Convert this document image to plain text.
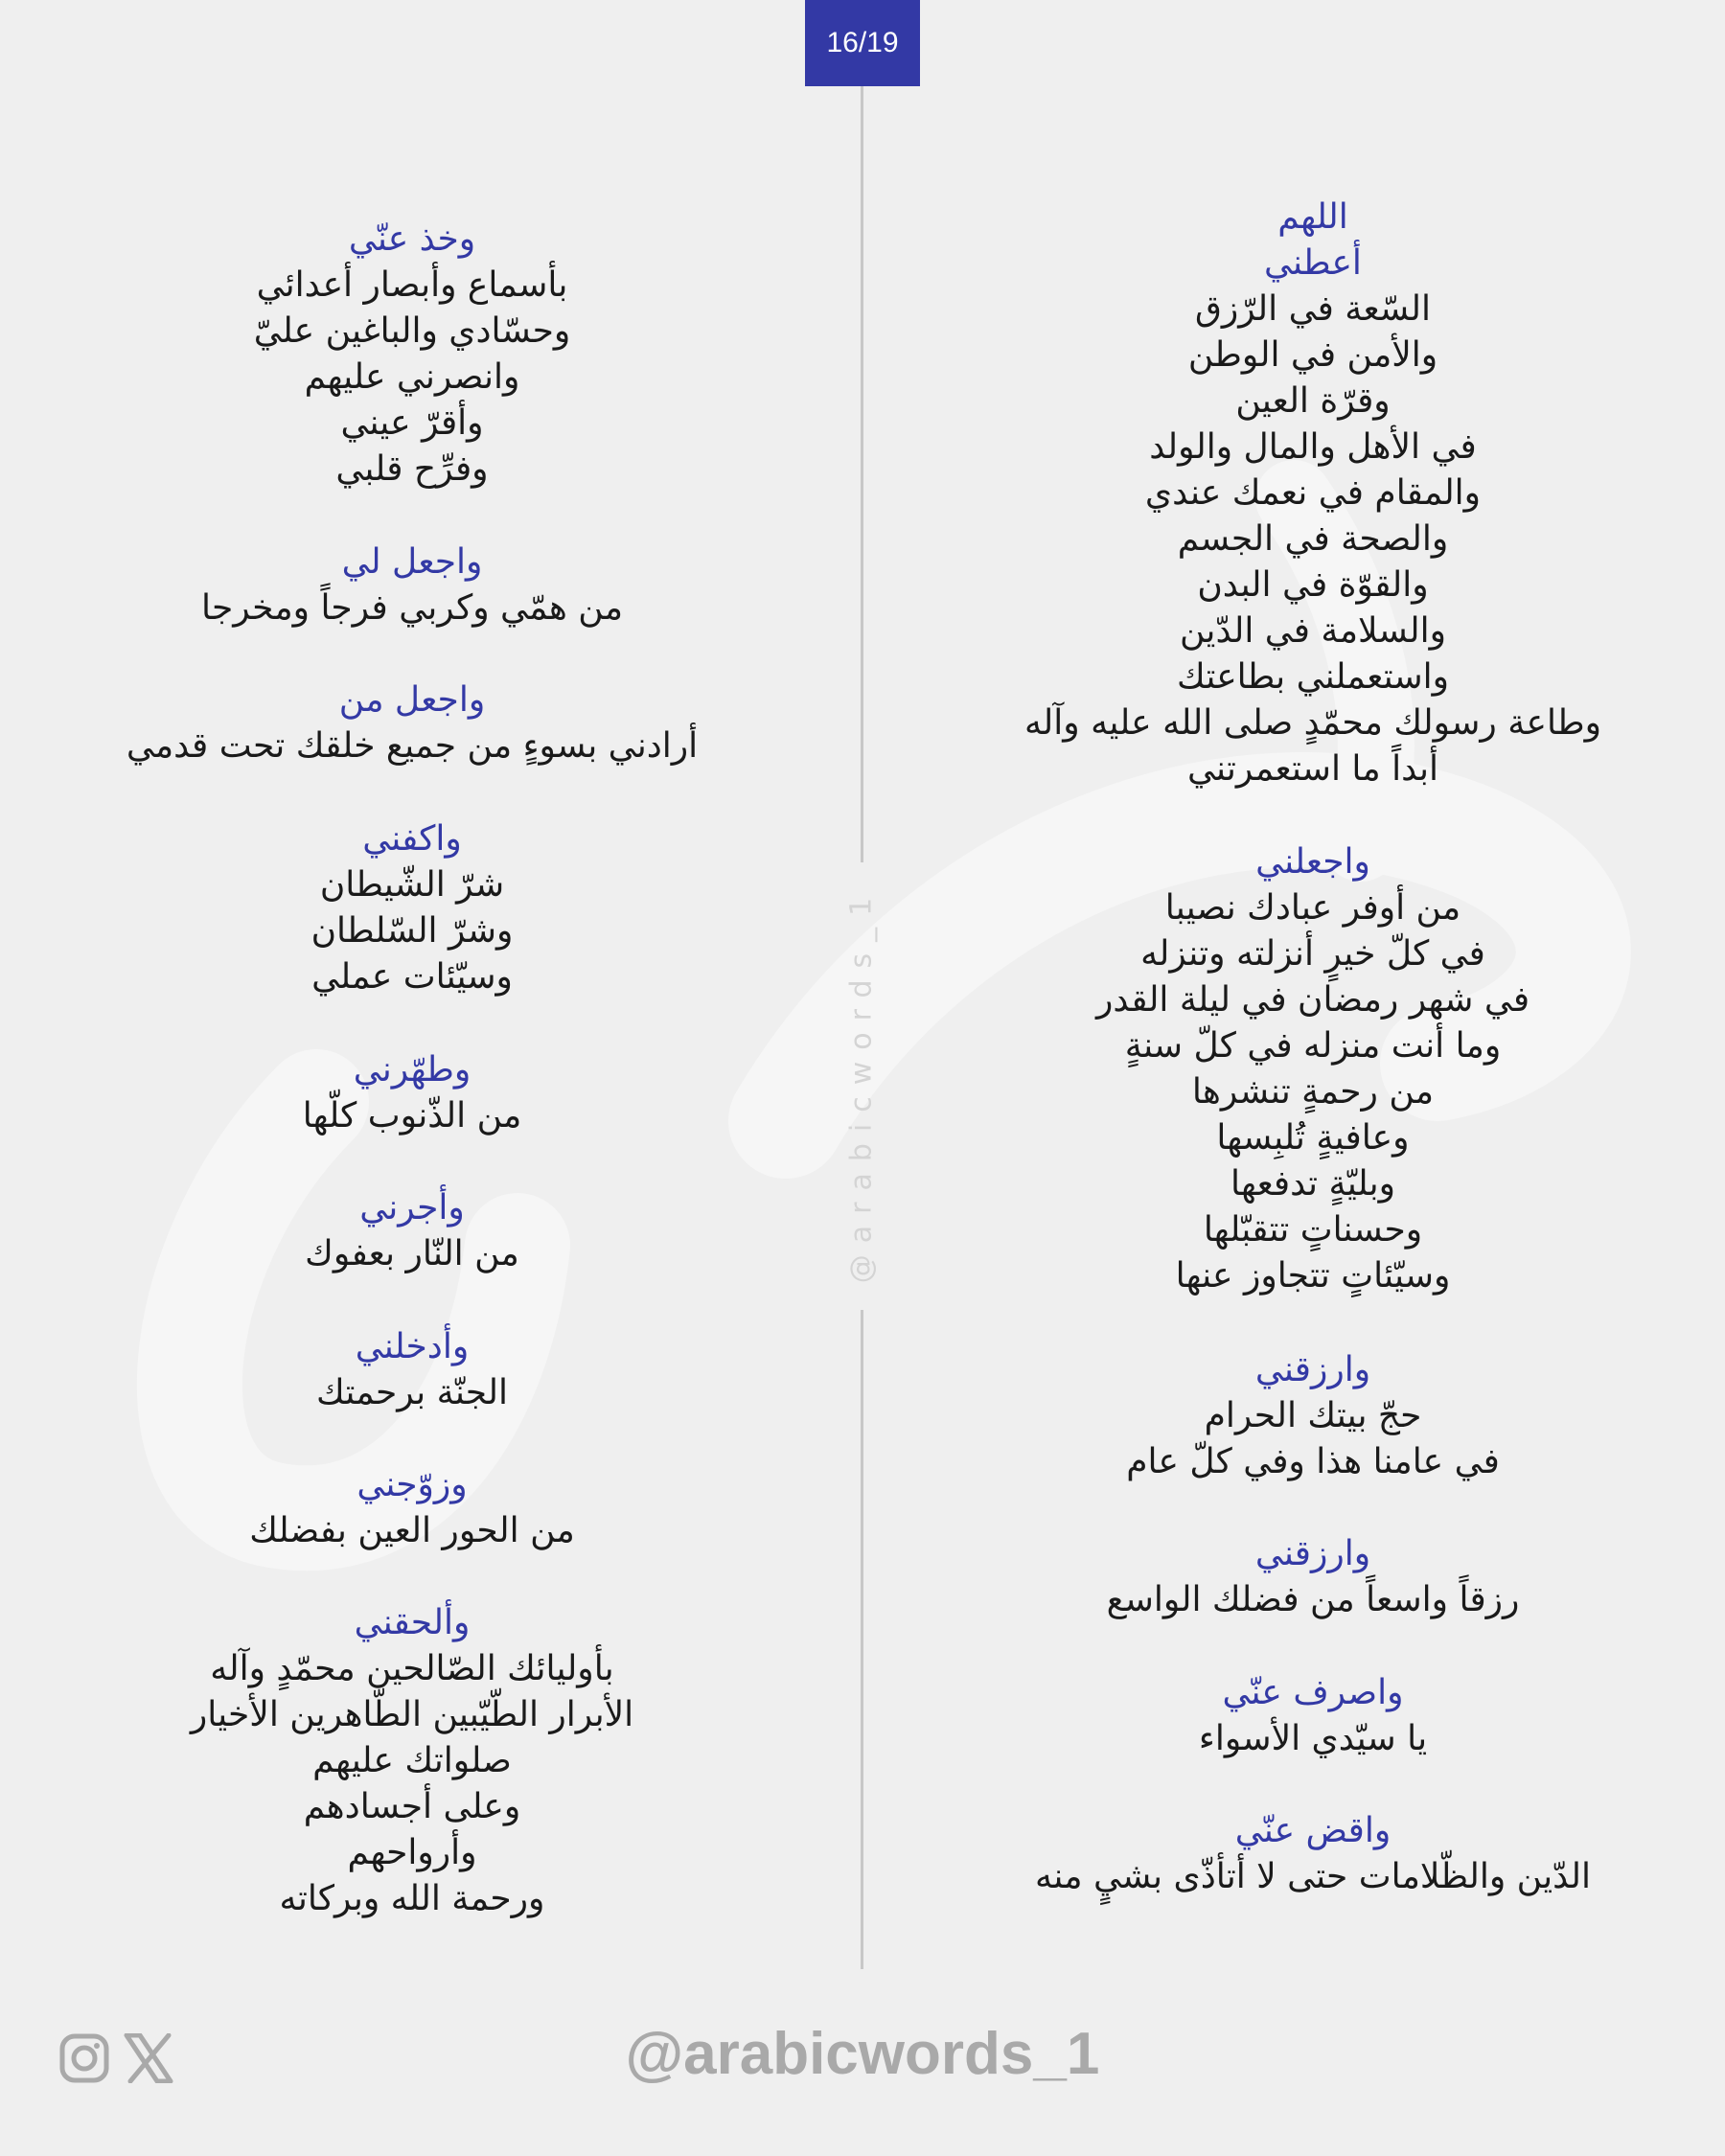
16/19
@arabicwords_1
اللهم
أعطني
السّعة في الرّزق
والأمن في الوطن
وقرّة العين
في الأهل والمال والولد
والمقام في نعمك عندي
والصحة في الجسم
والقوّة في البدن
والسلامة في الدّين
واستعملني بطاعتك
وطاعة رسولك محمّدٍ صلى الله عليه وآله
أبداً ما استعمرتني
واجعلني
من أوفر عبادك نصيبا
في كلّ خيرٍ أنزلته وتنزله
في شهر رمضان في ليلة القدر
وما أنت منزله في كلّ سنةٍ
من رحمةٍ تنشرها
وعافيةٍ تُلبِسها
وبليّةٍ تدفعها
وحسناتٍ تتقبّلها
وسيّئاتٍ تتجاوز عنها
وارزقني
حجّ بيتك الحرام
في عامنا هذا وفي كلّ عام
وارزقني
رزقاً واسعاً من فضلك الواسع
واصرف عنّي
يا سيّدي الأسواء
واقض عنّي
الدّين والظّلامات حتى لا أتأذّى بشيٍ منه
وخذ عنّي
بأسماع وأبصار أعدائي
وحسّادي والباغين عليّ
وانصرني عليهم
وأقرّ عيني
وفرِّح قلبي
واجعل لي
من همّي وكربي فرجاً ومخرجا
واجعل من
أرادني بسوءٍ من جميع خلقك تحت قدمي
واكفني
شرّ الشّيطان
وشرّ السّلطان
وسيّئات عملي
وطهّرني
من الذّنوب كلّها
وأجرني
من النّار بعفوك
وأدخلني
الجنّة برحمتك
وزوّجني
من الحور العين بفضلك
وألحقني
بأوليائك الصّالحين محمّدٍ وآله
الأبرار الطّيّبين الطّاهرين الأخيار
صلواتك عليهم
وعلى أجسادهم
وأرواحهم
ورحمة الله وبركاته
@arabicwords_1
